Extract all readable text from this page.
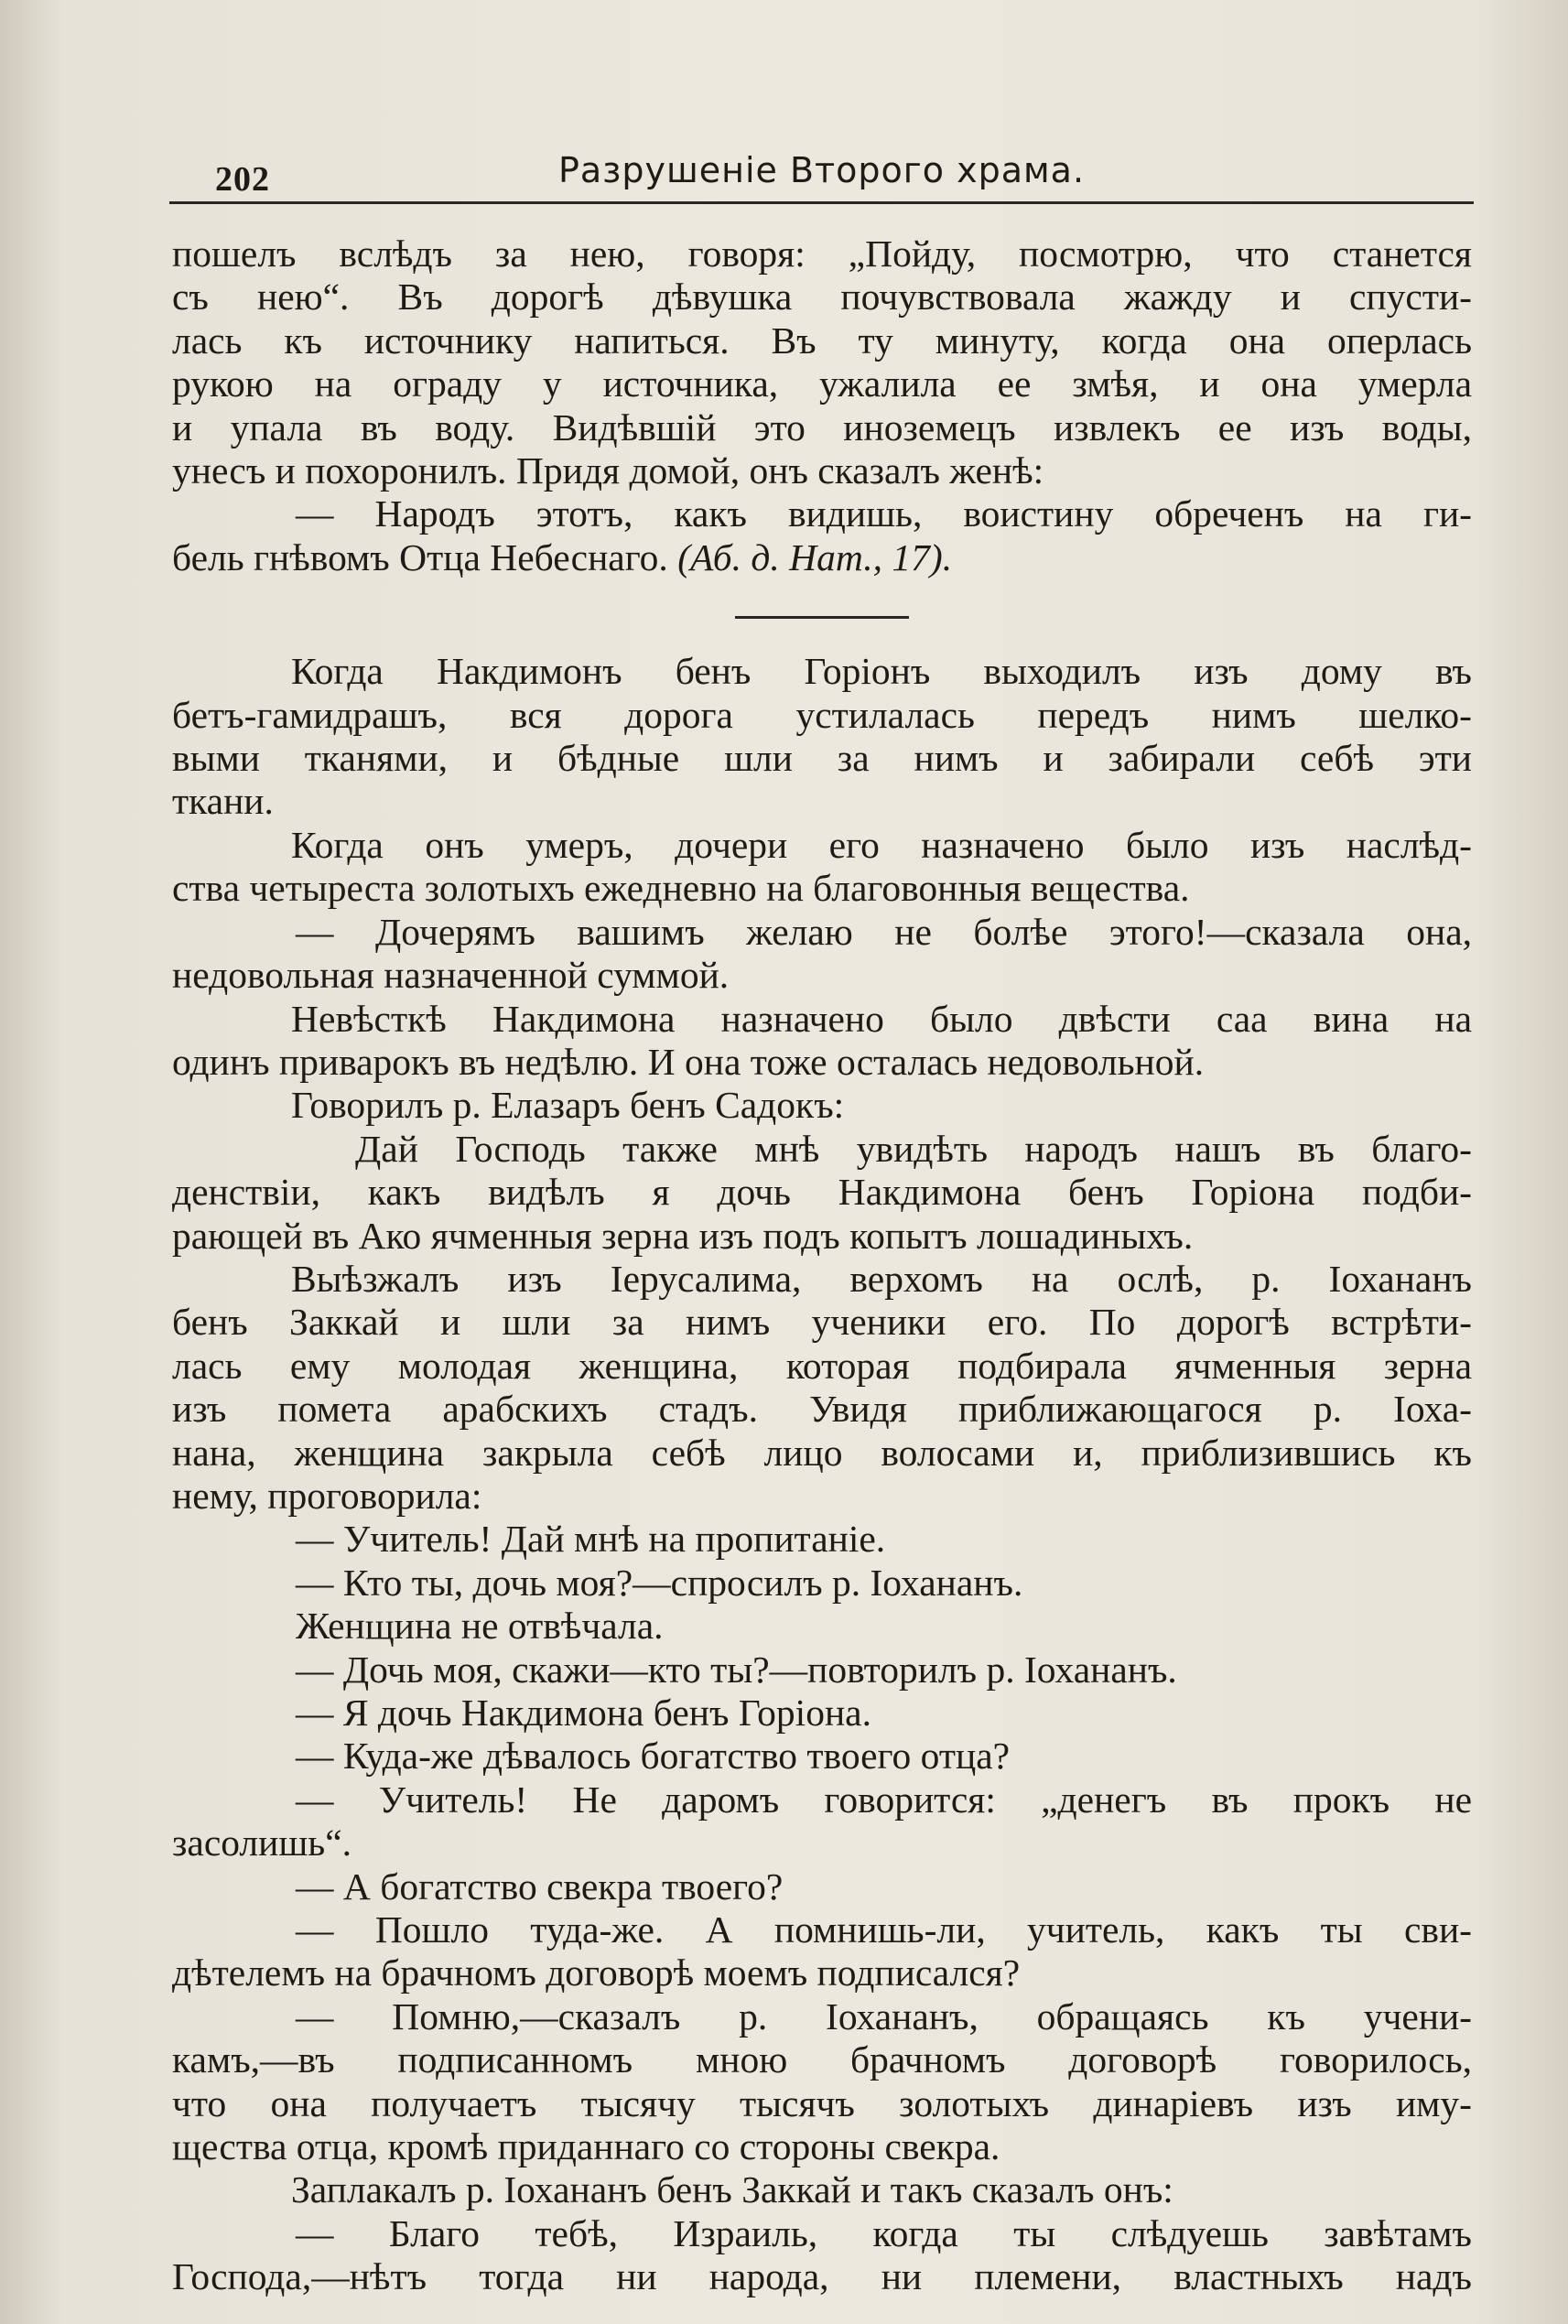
202	Разрушеніе Второго храма.

пошелъ вслѣдъ за нею, говоря: „Пойду, посмотрю, что станется

съ нею“. Въ дорогѣ дѣвушка почувствовала жажду и спусти-

лась къ источнику напиться. Въ ту минуту, когда она оперлась

рукою на ограду у источника, ужалила ее змѣя, и она умерла

и упала въ воду. Видѣвшій это иноземецъ извлекъ ее изъ воды,

унесъ и похоронилъ. Придя домой, онъ сказалъ женѣ:

— Народъ этотъ, какъ видишь, воистину обреченъ на ги-

бель гнѣвомъ Отца Небеснаго. (Аб. д. Нат., 17).

Когда Накдимонъ бенъ Горіонъ выходилъ изъ дому въ

бетъ-гамидрашъ, вся дорога устилалась передъ нимъ шелко-

выми тканями, и бѣдные шли за нимъ и забирали себѣ эти

ткани.

Когда онъ умеръ, дочери его назначено было изъ наслѣд-

ства четыреста золотыхъ ежедневно на благовонныя вещества.

— Дочерямъ вашимъ желаю не болѣе этого!—сказала она,

недовольная назначенной суммой.

Невѣсткѣ Накдимона назначено было двѣсти саа вина на

одинъ приварокъ въ недѣлю. И она тоже осталась недовольной.

Говорилъ р. Елазаръ бенъ Садокъ:

Дай Господь также мнѣ увидѣть народъ нашъ въ благо-

денствіи, какъ видѣлъ я дочь Накдимона бенъ Горіона подби-

рающей въ Ако ячменныя зерна изъ подъ копытъ лошадиныхъ.

Выѣзжалъ изъ Іерусалима, верхомъ на ослѣ, р. Іохананъ

бенъ Заккай и шли за нимъ ученики его. По дорогѣ встрѣти-

лась ему молодая женщина, которая подбирала ячменныя зерна

изъ помета арабскихъ стадъ. Увидя приближающагося р. Іоха-

нана, женщина закрыла себѣ лицо волосами и, приблизившись къ

нему, проговорила:

— Учитель! Дай мнѣ на пропитаніе.

— Кто ты, дочь моя?—спросилъ р. Іохананъ.

Женщина не отвѣчала.

— Дочь моя, скажи—кто ты?—повторилъ р. Іохананъ.

— Я дочь Накдимона бенъ Горіона.

— Куда-же дѣвалось богатство твоего отца?

— Учитель! Не даромъ говорится: „денегъ въ прокъ не

засолишь“.

— А богатство свекра твоего?

— Пошло туда-же. А помнишь-ли, учитель, какъ ты сви-

дѣтелемъ на брачномъ договорѣ моемъ подписался?

— Помню,—сказалъ р. Іохананъ, обращаясь къ учени-

камъ,—въ подписанномъ мною брачномъ договорѣ говорилось,

что она получаетъ тысячу тысячъ золотыхъ динаріевъ изъ иму-

щества отца, кромѣ приданнаго со стороны свекра.

Заплакалъ р. Іохананъ бенъ Заккай и такъ сказалъ онъ:

— Благо тебѣ, Израиль, когда ты слѣдуешь завѣтамъ

Господа,—нѣтъ тогда ни народа, ни племени, властныхъ надъ
